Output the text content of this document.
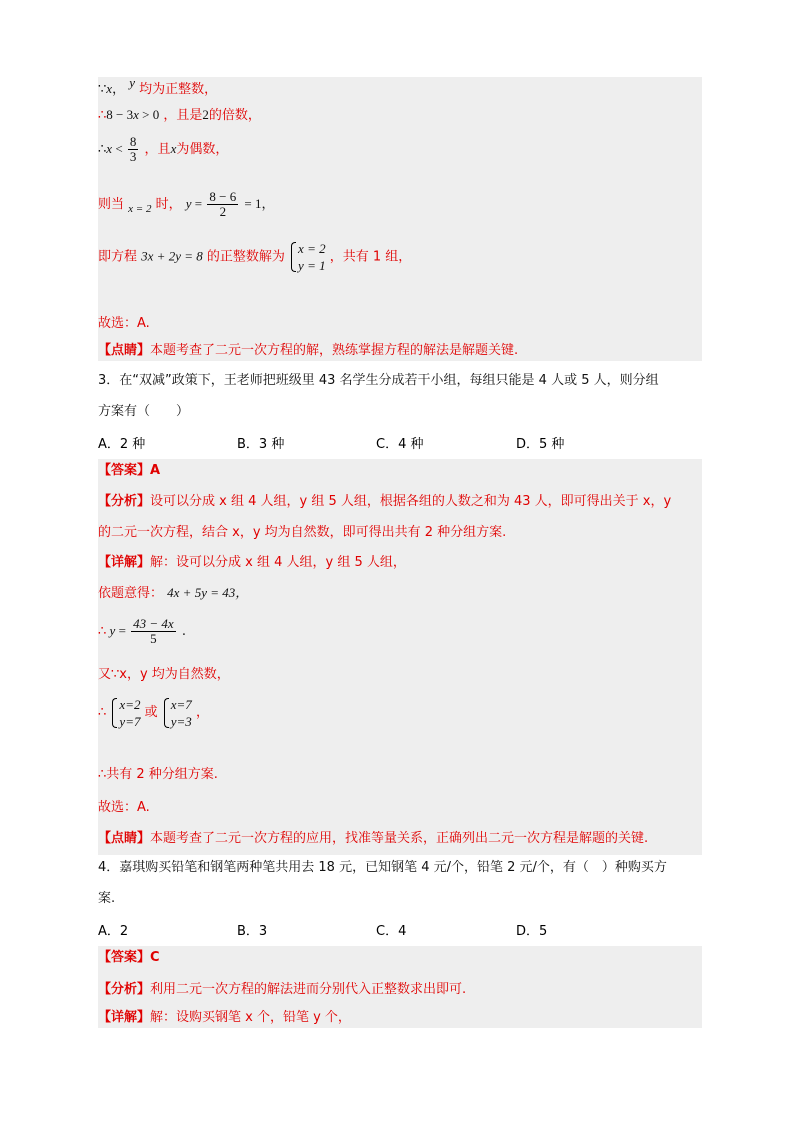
∵x， y 均为正整数，
∴8 − 3x > 0 ，且是2的倍数，
∴x < $\frac{8}{3}$ ，且x为偶数，
则当 $_{x = 2}$ 时， $y = \frac{8 - 6}{2} = 1$，
即方程 3x + 2y = 8 的正整数解为
x = 2
y = 1
，共有 1 组，
故选：A.
【点睛】本题考查了二元一次方程的解，熟练掌握方程的解法是解题关键.
3．在“双减”政策下，王老师把班级里 43 名学生分成若干小组，每组只能是 4 人或 5 人，则分组
方案有（　　）
A．2 种	B．3 种	C．4 种	D．5 种
【答案】A
【分析】设可以分成 x 组 4 人组，y 组 5 人组，根据各组的人数之和为 43 人，即可得出关于 x，y
的二元一次方程，结合 x，y 均为自然数，即可得出共有 2 种分组方案.
【详解】解：设可以分成 x 组 4 人组，y 组 5 人组，
依题意得： 4x + 5y = 43，
∴ $y = \frac{43 - 4x}{5}$ .
又∵x，y 均为自然数，
∴
x=2
y=7
或
x=7
y=3
，
∴共有 2 种分组方案.
故选：A.
【点睛】本题考查了二元一次方程的应用，找准等量关系，正确列出二元一次方程是解题的关键.
4．嘉琪购买铅笔和钢笔两种笔共用去 18 元，已知钢笔 4 元/个，铅笔 2 元/个，有（　）种购买方
案.
A．2	B．3	C．4	D．5
【答案】C
【分析】利用二元一次方程的解法进而分别代入正整数求出即可.
【详解】解：设购买钢笔 x 个，铅笔 y 个，
